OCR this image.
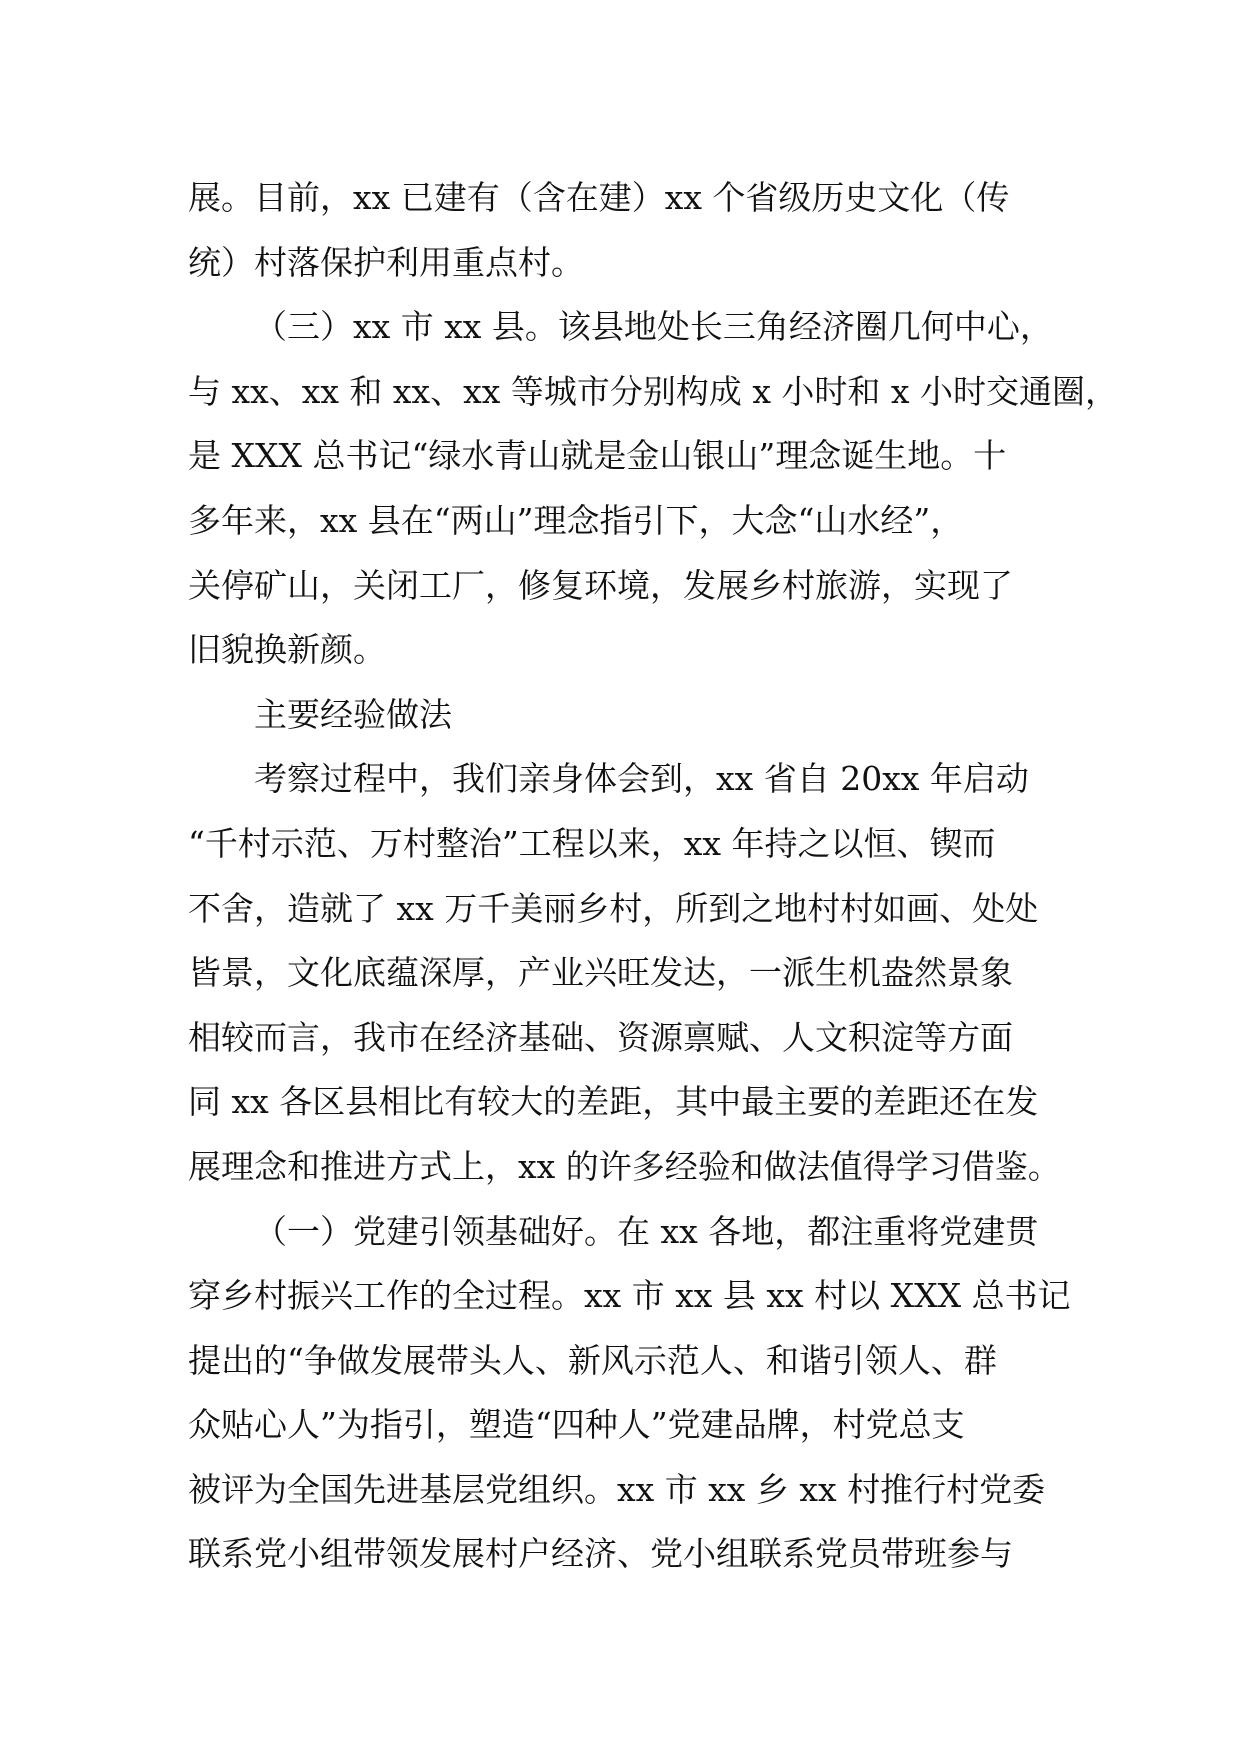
展。目前，xx 已建有（含在建）xx 个省级历史文化（传
统）村落保护利用重点村。
（三）xx 市 xx 县。该县地处长三角经济圈几何中心，
与 xx、xx 和 xx、xx 等城市分别构成 x 小时和 x 小时交通圈，
是 XXX 总书记“绿水青山就是金山银山”理念诞生地。十
多年来，xx 县在“两山”理念指引下，大念“山水经”，
关停矿山，关闭工厂，修复环境，发展乡村旅游，实现了
旧貌换新颜。
主要经验做法
考察过程中，我们亲身体会到，xx 省自 20xx 年启动
“千村示范、万村整治”工程以来，xx 年持之以恒、锲而
不舍，造就了 xx 万千美丽乡村，所到之地村村如画、处处
皆景，文化底蕴深厚，产业兴旺发达，一派生机盎然景象
相较而言，我市在经济基础、资源禀赋、人文积淀等方面
同 xx 各区县相比有较大的差距，其中最主要的差距还在发
展理念和推进方式上，xx 的许多经验和做法值得学习借鉴。
（一）党建引领基础好。在 xx 各地，都注重将党建贯
穿乡村振兴工作的全过程。xx 市 xx 县 xx 村以 XXX 总书记
提出的“争做发展带头人、新风示范人、和谐引领人、群
众贴心人”为指引，塑造“四种人”党建品牌，村党总支
被评为全国先进基层党组织。xx 市 xx 乡 xx 村推行村党委
联系党小组带领发展村户经济、党小组联系党员带班参与
